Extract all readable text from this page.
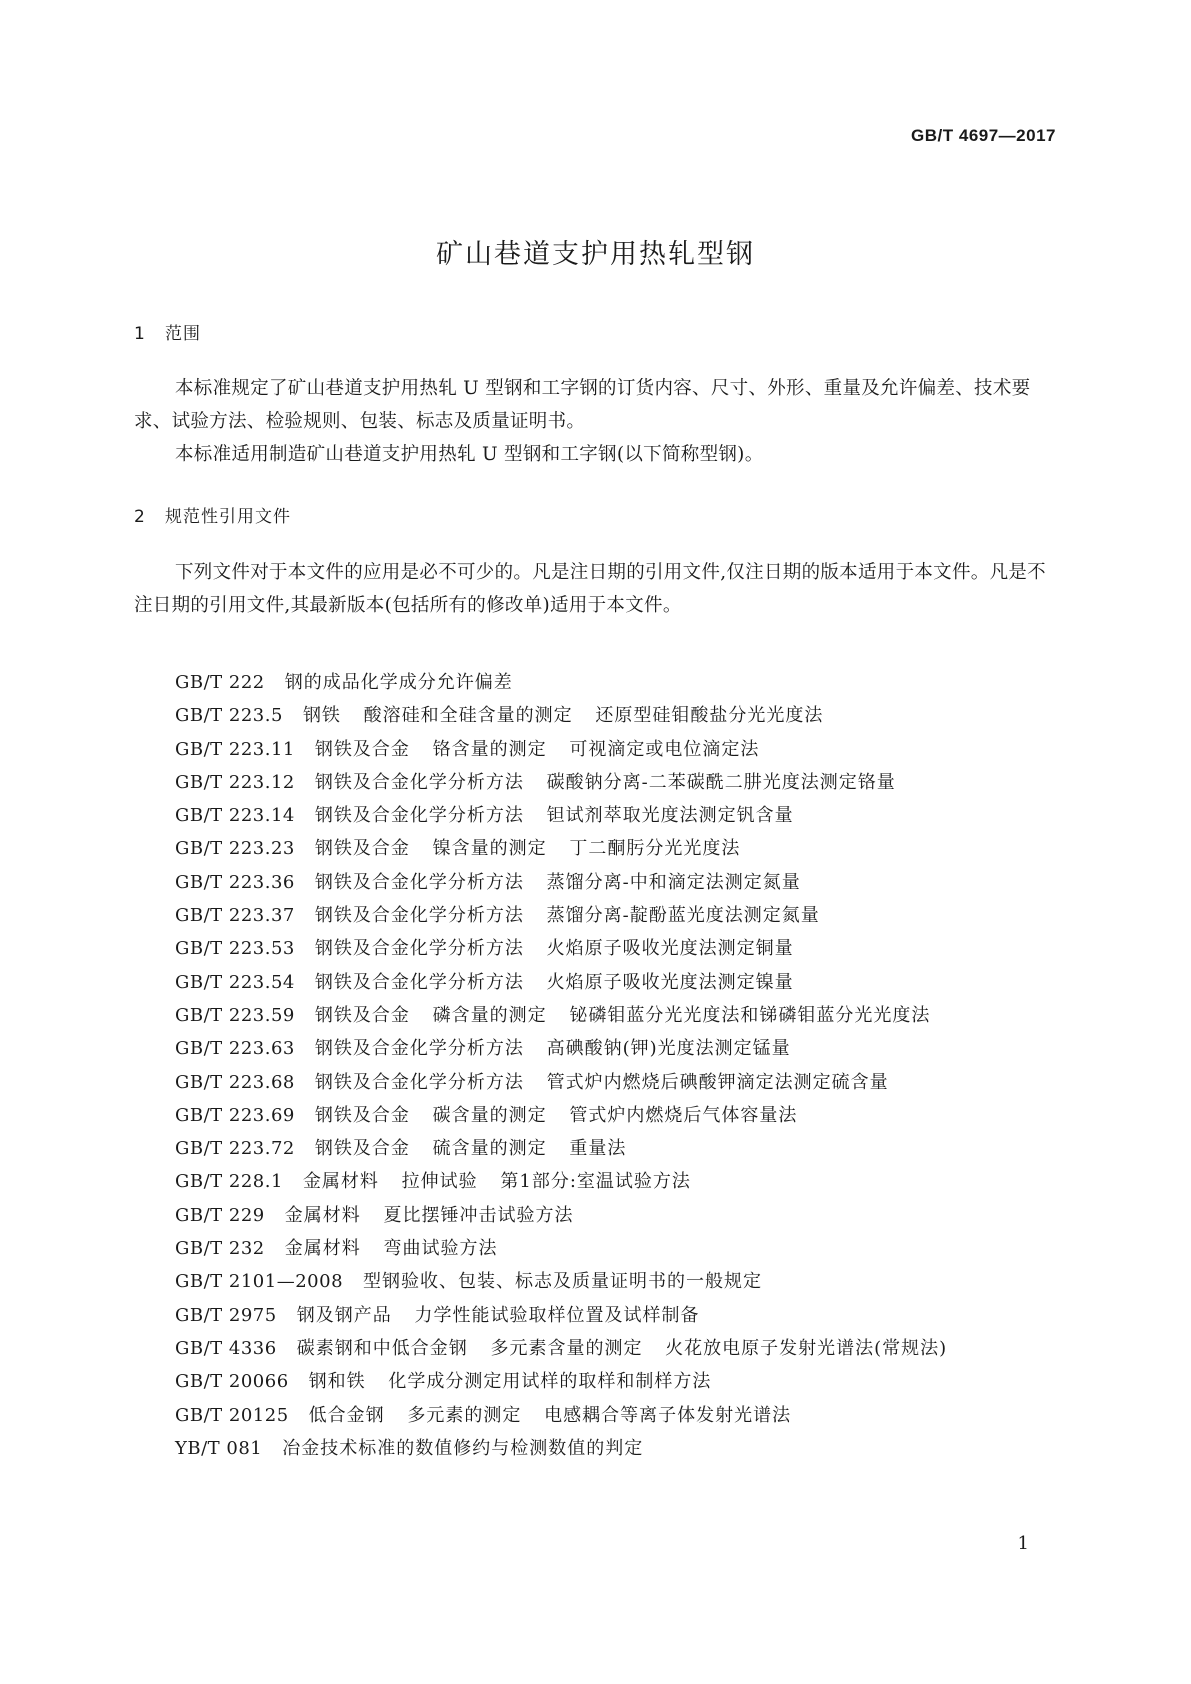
GB/T 4697—2017
矿山巷道支护用热轧型钢
1 范围

本标准规定了矿山巷道支护用热轧 U 型钢和工字钢的订货内容、尺寸、外形、重量及允许偏差、技术要求、试验方法、检验规则、包装、标志及质量证明书。

本标准适用制造矿山巷道支护用热轧 U 型钢和工字钢(以下简称型钢)。

2 规范性引用文件

下列文件对于本文件的应用是必不可少的。凡是注日期的引用文件,仅注日期的版本适用于本文件。凡是不注日期的引用文件,其最新版本(包括所有的修改单)适用于本文件。

GB/T 222 钢的成品化学成分允许偏差
GB/T 223.5 钢铁 酸溶硅和全硅含量的测定 还原型硅钼酸盐分光光度法
GB/T 223.11 钢铁及合金 铬含量的测定 可视滴定或电位滴定法
GB/T 223.12 钢铁及合金化学分析方法 碳酸钠分离-二苯碳酰二肼光度法测定铬量
GB/T 223.14 钢铁及合金化学分析方法 钽试剂萃取光度法测定钒含量
GB/T 223.23 钢铁及合金 镍含量的测定 丁二酮肟分光光度法
GB/T 223.36 钢铁及合金化学分析方法 蒸馏分离-中和滴定法测定氮量
GB/T 223.37 钢铁及合金化学分析方法 蒸馏分离-靛酚蓝光度法测定氮量
GB/T 223.53 钢铁及合金化学分析方法 火焰原子吸收光度法测定铜量
GB/T 223.54 钢铁及合金化学分析方法 火焰原子吸收光度法测定镍量
GB/T 223.59 钢铁及合金 磷含量的测定 铋磷钼蓝分光光度法和锑磷钼蓝分光光度法
GB/T 223.63 钢铁及合金化学分析方法 高碘酸钠(钾)光度法测定锰量
GB/T 223.68 钢铁及合金化学分析方法 管式炉内燃烧后碘酸钾滴定法测定硫含量
GB/T 223.69 钢铁及合金 碳含量的测定 管式炉内燃烧后气体容量法
GB/T 223.72 钢铁及合金 硫含量的测定 重量法
GB/T 228.1 金属材料 拉伸试验 第1部分:室温试验方法
GB/T 229 金属材料 夏比摆锤冲击试验方法
GB/T 232 金属材料 弯曲试验方法
GB/T 2101—2008 型钢验收、包装、标志及质量证明书的一般规定
GB/T 2975 钢及钢产品 力学性能试验取样位置及试样制备
GB/T 4336 碳素钢和中低合金钢 多元素含量的测定 火花放电原子发射光谱法(常规法)
GB/T 20066 钢和铁 化学成分测定用试样的取样和制样方法
GB/T 20125 低合金钢 多元素的测定 电感耦合等离子体发射光谱法
YB/T 081 冶金技术标准的数值修约与检测数值的判定
1
